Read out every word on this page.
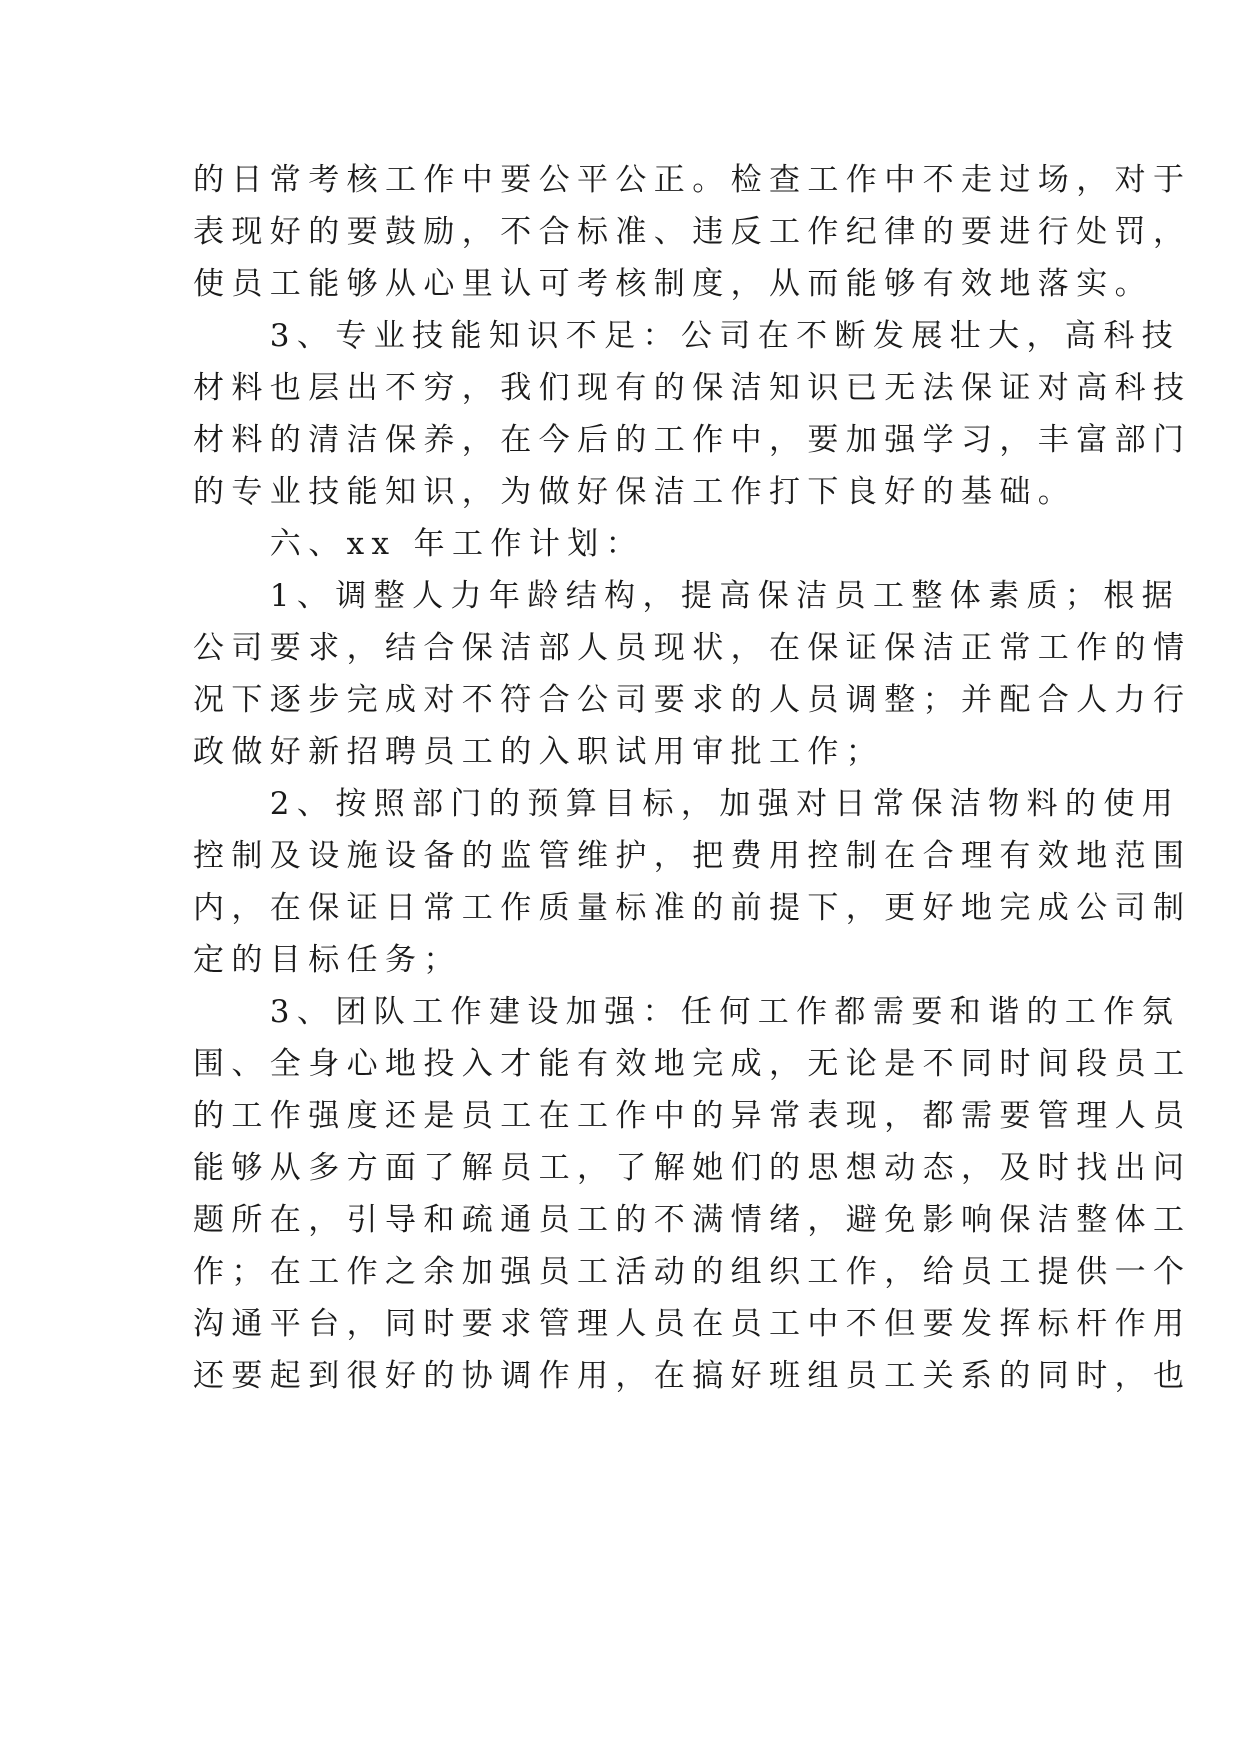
的日常考核工作中要公平公正。检查工作中不走过场，对于
表现好的要鼓励，不合标准、违反工作纪律的要进行处罚，
使员工能够从心里认可考核制度，从而能够有效地落实。
　　3、专业技能知识不足：公司在不断发展壮大，高科技
材料也层出不穷，我们现有的保洁知识已无法保证对高科技
材料的清洁保养，在今后的工作中，要加强学习，丰富部门
的专业技能知识，为做好保洁工作打下良好的基础。
　　六、xx 年工作计划：
　　1、调整人力年龄结构，提高保洁员工整体素质；根据
公司要求，结合保洁部人员现状，在保证保洁正常工作的情
况下逐步完成对不符合公司要求的人员调整；并配合人力行
政做好新招聘员工的入职试用审批工作；
　　2、按照部门的预算目标，加强对日常保洁物料的使用
控制及设施设备的监管维护，把费用控制在合理有效地范围
内，在保证日常工作质量标准的前提下，更好地完成公司制
定的目标任务；
　　3、团队工作建设加强：任何工作都需要和谐的工作氛
围、全身心地投入才能有效地完成，无论是不同时间段员工
的工作强度还是员工在工作中的异常表现，都需要管理人员
能够从多方面了解员工，了解她们的思想动态，及时找出问
题所在，引导和疏通员工的不满情绪，避免影响保洁整体工
作；在工作之余加强员工活动的组织工作，给员工提供一个
沟通平台，同时要求管理人员在员工中不但要发挥标杆作用
还要起到很好的协调作用，在搞好班组员工关系的同时，也
